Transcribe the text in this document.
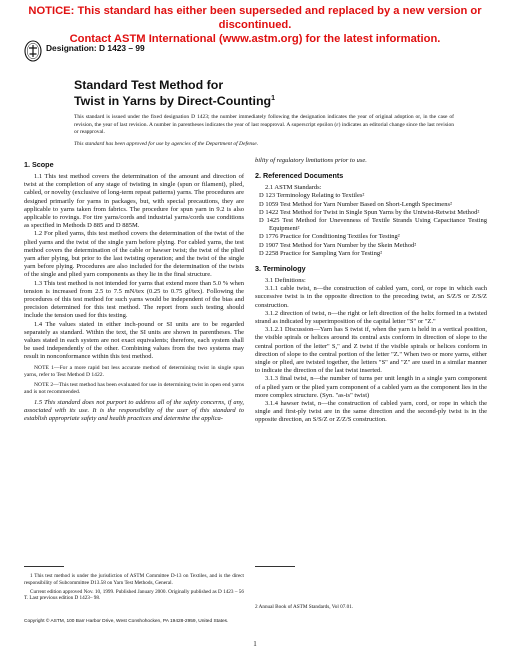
NOTICE: This standard has either been superseded and replaced by a new version or discontinued.
Contact ASTM International (www.astm.org) for the latest information.
Designation: D 1423 – 99
Standard Test Method for
Twist in Yarns by Direct-Counting$^1$
This standard is issued under the fixed designation D 1423; the number immediately following the designation indicates the year of original adoption or, in the case of revision, the year of last revision. A number in parentheses indicates the year of last reapproval. A superscript epsilon (ε) indicates an editorial change since the last revision or reapproval.
This standard has been approved for use by agencies of the Department of Defense.
1. Scope

1.1 This test method covers the determination of the amount and direction of twist at the completion of any stage of twisting in single (spun or filament), plied, cabled, or novelty (exclusive of long-term repeat patterns) yarns. The procedures are designed primarily for yarns in packages, but, with special precautions, they are applicable to yarns taken from fabrics. The procedure for spun yarn in 9.2 is also applicable to rovings. For tire yarns/cords and industrial yarns/cords use conditions as specified in Methods D 885 and D 885M.

1.2 For plied yarns, this test method covers the determination of the twist of the plied yarns and the twist of the single yarn before plying. For cabled yarns, the test method covers the determination of the cable or hawser twist; the twist of the plied yarn after plying, but prior to the last twisting operation; and the twist of the single yarn before plying. Procedures are also included for the determination of the twists of the single and plied yarn components as they lie in the final structure.

1.3 This test method is not intended for yarns that extend more than 5.0 % when tension is increased from 2.5 to 7.5 mN/tex (0.25 to 0.75 gf/tex). Following the procedures of this test method for such yarns would be independent of the bias and precision determined for this test method. The report from such testing should include the tension used for this testing.

1.4 The values stated in either inch-pound or SI units are to be regarded separately as standard. Within the text, the SI units are shown in parentheses. The values stated in each system are not exact equivalents; therefore, each system shall be used independently of the other. Combining values from the two systems may result in nonconformance within this test method.

NOTE 1—For a more rapid but less accurate method of determining twist in single spun yarns, refer to Test Method D 1422.

NOTE 2—This test method has been evaluated for use in determining twist in open end yarns and is not recommended.

1.5 This standard does not purport to address all of the safety concerns, if any, associated with its use. It is the responsibility of the user of this standard to establish appropriate safety and health practices and determine the applica-

1 This test method is under the jurisdiction of ASTM Committee D-13 on Textiles, and is the direct responsibility of Subcommittee D13.58 on Yarn Test Methods, General.

Current edition approved Nov. 10, 1999. Published January 2000. Originally published as D 1423 – 56 T. Last previous edition D 1423– 98.

bility of regulatory limitations prior to use.

2. Referenced Documents

2.1 ASTM Standards:

D 123 Terminology Relating to Textiles²

D 1059 Test Method for Yarn Number Based on Short-Length Specimens²

D 1422 Test Method for Twist in Single Spun Yarns by the Untwist-Retwist Method²

D 1425 Test Method for Unevenness of Textile Strands Using Capacitance Testing Equipment²

D 1776 Practice for Conditioning Textiles for Testing²

D 1907 Test Method for Yarn Number by the Skein Method²

D 2258 Practice for Sampling Yarn for Testing²

3. Terminology

3.1 Definitions:

3.1.1 cable twist, n—the construction of cabled yarn, cord, or rope in which each successive twist is in the opposite direction to the preceding twist, an S/Z/S or Z/S/Z construction.

3.1.2 direction of twist, n—the right or left direction of the helix formed in a twisted strand as indicated by superimposition of the capital letter "S" or "Z."

3.1.2.1 Discussion—Yarn has S twist if, when the yarn is held in a vertical position, the visible spirals or helices around its central axis conform in direction of slope to the central portion of the letter" S," and Z twist if the visible spirals or helices conform in direction of slope to the central portion of the letter "Z." When two or more yarns, either single or plied, are twisted together, the letters "S" and "Z" are used in a similar manner to indicate the direction of the last twist inserted.

3.1.3 final twist, n—the number of turns per unit length in a single yarn component of a plied yarn or the plied yarn component of a cabled yarn as the component lies in the more complex structure. (Syn. "as-is" twist)

3.1.4 hawser twist, n—the construction of cabled yarn, cord, or rope in which the single and first-ply twist are in the same direction and the second-ply twist is in the opposite direction, an S/S/Z or Z/Z/S construction.

2 Annual Book of ASTM Standards, Vol 07.01.
Copyright © ASTM, 100 Barr Harbor Drive, West Conshohocken, PA 19428-2959, United States.
1
